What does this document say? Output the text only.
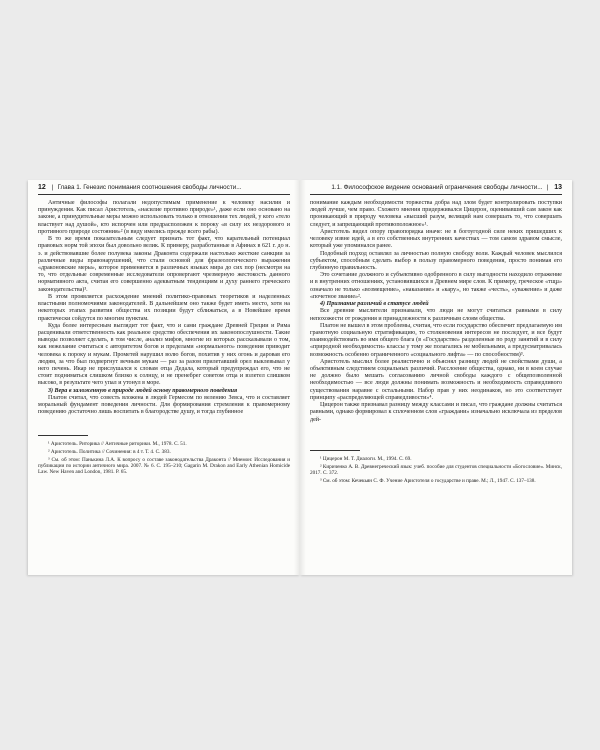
12 | Глава 1. Генезис понимания соотношения свободы личности...

Античные философы полагали недопустимым применение к человеку насилия и принуждения. Как писал Аристотель, «насилие противно природе»¹, даже если оно основано на законе, а принудительные меры можно использовать только в отношении тех людей, у кого «тело властвует над душой», кто испорчен или предрасположен к пороку «в силу их нездорового и противного природе состояния»² (в виду имелись прежде всего рабы).

В то же время показательным следует признать тот факт, что карательный потенциал правовых норм той эпохи был довольно велик. К примеру, разработанные в Афинах в 621 г. до н. э. и действовавшие более полувека законы Драконта содержали настолько жесткие санкции за различные виды правонарушений, что стали основой для фразеологического выражения «драконовские меры», которое применяется в различных языках мира до сих пор (несмотря на то, что отдельные современные исследователи опровергают чрезмерную жестокость данного нормативного акта, считая его совершенно адекватным тенденциям и духу раннего греческого законодательства)³.

В этом проявляется расхождение мнений политико-правовых теоретиков и наделенных властными полномочиями законодателей. В дальнейшем оно также будет иметь место, хотя на некоторых этапах развития общества их позиции будут сближаться, а в Новейшее время практически сойдутся по многим пунктам.

Куда более интересным выглядит тот факт, что и сами граждане Древней Греции и Рима расценивали ответственность как реальное средство обеспечения их законопослушности. Такие выводы позволяет сделать, в том числе, анализ мифов, многие из которых рассказывали о том, как нежелание считаться с авторитетом богов и пределами «нормального» поведения приводит человека к пороку и мукам. Прометей нарушил волю богов, похитив у них огонь и даровав его людям, за что был подвергнут вечным мукам — раз за разом прилетавший орел выклевывал у него печень. Икар не прислушался к словам отца Дедала, который предупреждал его, что не стоит подниматься слишком близко к солнцу, и не пренебрег советом отца и взлетел слишком высоко, в результате чего упал и утонул в море.

3) Вера в заложенную в природе людей основу правомерного поведения

Платон считал, что совесть вложена в людей Гермесом по велению Зевса, что и составляет моральный фундамент поведения личности. Для формирования стремления к правомерному поведению достаточно лишь воспитать в благородстве душу, и тогда глубинное

¹ Аристотель. Риторика // Античные риторики. М., 1978. С. 51.

² Аристотель. Политика // Сочинения: в 4 т. Т. 4. С. 383.

³ См. об этом: Панькина Л.А. К вопросу о составе законодательства Драконта // Мнемон: Исследования и публикации по истории античного мира. 2007. № 6. С. 195–210; Gagarin M. Drakon and Early Athenian Homicide Law. New Haven and London, 1981. P. 65.

1.1. Философское видение оснований ограничения свободы личности... | 13

понимание каждым необходимости торжества добра над злом будет контролировать поступки людей лучше, чем право. Схожего мнения придерживался Цицерон, оценивавший сам закон как проникающий в природу человека «высший разум, велящий нам совершать то, что совершать следует, и запрещающий противоположное»¹.

Аристотель видел опору правопорядка иначе: не в богоугодной силе неких пришедших к человеку извне идей, а в его собственных внутренних качествах — том самом здравом смысле, который уже упоминался ранее.

Подобный подход оставлял за личностью полную свободу воли. Каждый человек мыслился субъектом, способным сделать выбор в пользу правомерного поведения, просто понимая его глубинную правильность.

Это сочетание должного и субъективно одобренного в силу выгодности находило отражение и в внутренних отношениях, установившихся в Древнем мире слов. К примеру, греческое «тщµ» означало не только «возмещение», «наказание» и «кару», но также «честь», «уважение» и даже «почетное звание»².

4) Признание различий в статусе людей

Все древние мыслители признавали, что люди не могут считаться равными в силу непохожести от рождения и принадлежности к различным слоям общества.

Платон не вышел в этом проблемы, считая, что если государство обеспечит предлагаемую им грамотную социальную стратификацию, то столкновения интересов не последует, и все будут взаимодействовать во имя общего блага (в «Государстве» разделенные по роду занятий и в силу «природной необходимости» классы у тому же полагались не мобильными, а предусматривалась возможность особенно ограниченного «социального лифта» — по способностям)³.

Аристотель мыслил более реалистично и объяснял разницу людей не свойствами души, а объективным следствием социальных различий. Расслоение общества, однако, ни в коем случае не должно было мешать согласованию личной свободы каждого с общепозволенной необходимостью — все люди должны понимать возможность и необходимость справедливого существования наравне с остальными. Набор прав у них неодинаков, но это соответствует принципу «распределяющей справедливости»⁴.

Цицерон также признавал разницу между классами и писал, что граждане должны считаться равными, однако формировал к сплоченном слов «граждани» изначально исключала из пределов дей-

¹ Цицерон М. Т. Диалоги. М., 1994. С. 69.

² Кириченко А. В. Древнегреческий язык: учеб. пособие для студентов специальности «Богословие». Минск, 2017. С. 372.

³ См. об этом: Кечекьян С. Ф. Учение Аристотеля о государстве и праве. М.; Л., 1947. С. 137–138.
